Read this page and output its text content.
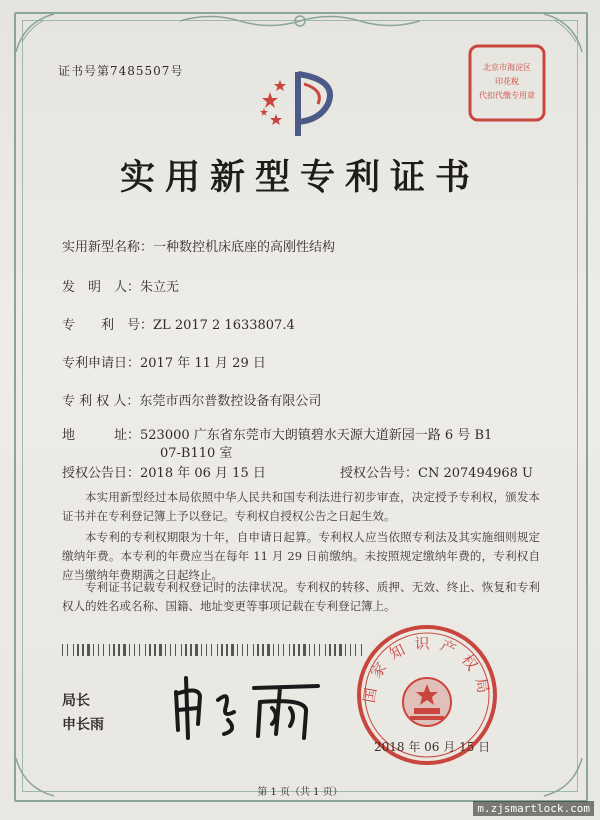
证书号第7485507号	北京市海淀区
印花税
代扣代缴专用章
实用新型专利证书
实用新型名称：一种数控机床底座的高刚性结构
发　明　人：朱立无
专　　利　号：ZL 2017 2 1633807.4
专利申请日：2017 年 11 月 29 日
专 利 权 人：东莞市西尔普数控设备有限公司
地　　　址：523000 广东省东莞市大朗镇碧水天源大道新园一路 6 号 B1
07-B110 室
授权公告日：2018 年 06 月 15 日	授权公告号：CN 207494968 U
本实用新型经过本局依照中华人民共和国专利法进行初步审查，决定授予专利权，颁发本证书并在专利登记簿上予以登记。专利权自授权公告之日起生效。
本专利的专利权期限为十年，自申请日起算。专利权人应当依照专利法及其实施细则规定缴纳年费。本专利的年费应当在每年 11 月 29 日前缴纳。未按照规定缴纳年费的，专利权自应当缴纳年费期满之日起终止。
专利证书记载专利权登记时的法律状况。专利权的转移、质押、无效、终止、恢复和专利权人的姓名或名称、国籍、地址变更等事项记载在专利登记簿上。
局长
申长雨
国家知识产权局
2018 年 06 月 15 日
第 1 页（共 1 页）
m.zjsmartlock.com
